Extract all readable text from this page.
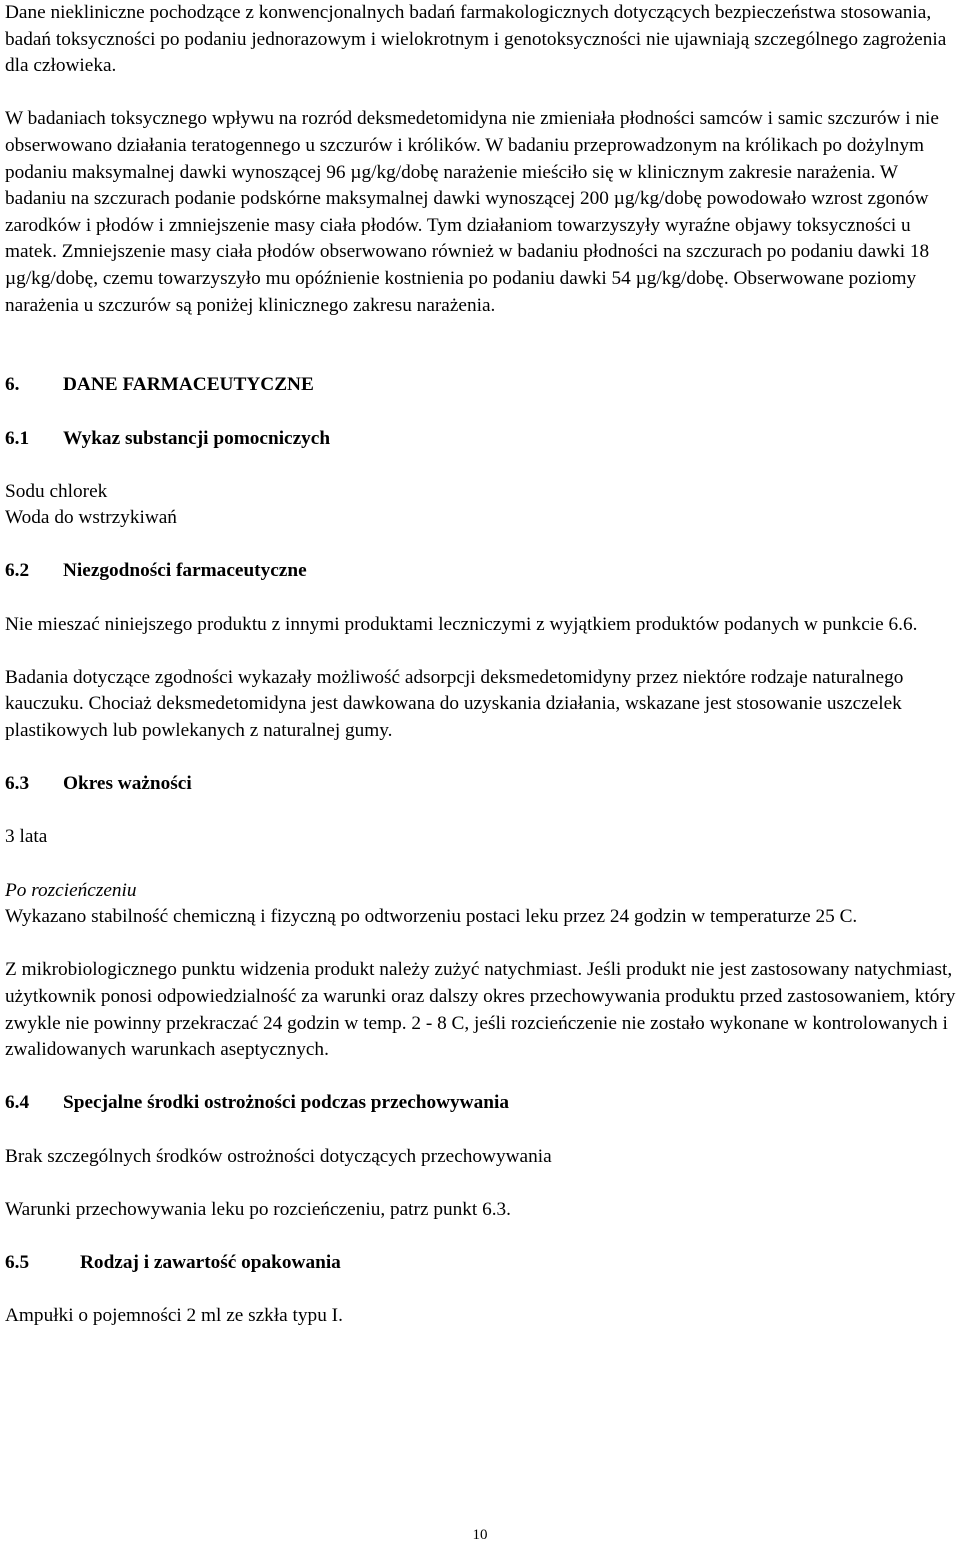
Dane niekliniczne pochodzące z konwencjonalnych badań farmakologicznych dotyczących bezpieczeństwa stosowania, badań toksyczności po podaniu jednorazowym i wielokrotnym i genotoksyczności nie ujawniają szczególnego zagrożenia dla człowieka.

W badaniach toksycznego wpływu na rozród deksmedetomidyna nie zmieniała płodności samców i samic szczurów i nie obserwowano działania teratogennego u szczurów i królików. W badaniu przeprowadzonym na królikach po dożylnym podaniu maksymalnej dawki wynoszącej 96 µg/kg/dobę narażenie mieściło się w klinicznym zakresie narażenia. W badaniu na szczurach podanie podskórne maksymalnej dawki wynoszącej 200 µg/kg/dobę powodowało wzrost zgonów zarodków i płodów i zmniejszenie masy ciała płodów. Tym działaniom towarzyszyły wyraźne objawy toksyczności u matek. Zmniejszenie masy ciała płodów obserwowano również w badaniu płodności na szczurach po podaniu dawki 18 µg/kg/dobę, czemu towarzyszyło mu opóźnienie kostnienia po podaniu dawki 54 µg/kg/dobę. Obserwowane poziomy narażenia u szczurów są poniżej klinicznego zakresu narażenia.

6. DANE FARMACEUTYCZNE

6.1 Wykaz substancji pomocniczych

Sodu chlorek

Woda do wstrzykiwań

6.2 Niezgodności farmaceutyczne

Nie mieszać niniejszego produktu z innymi produktami leczniczymi z wyjątkiem produktów podanych w punkcie 6.6.

Badania dotyczące zgodności wykazały możliwość adsorpcji deksmedetomidyny przez niektóre rodzaje naturalnego kauczuku. Chociaż deksmedetomidyna jest dawkowana do uzyskania działania, wskazane jest stosowanie uszczelek plastikowych lub powlekanych z naturalnej gumy.

6.3 Okres ważności

3 lata

Po rozcieńczeniu

Wykazano stabilność chemiczną i fizyczną po odtworzeniu postaci leku przez 24 godzin w temperaturze 25 C.

Z mikrobiologicznego punktu widzenia produkt należy zużyć natychmiast. Jeśli produkt nie jest zastosowany natychmiast, użytkownik ponosi odpowiedzialność za warunki oraz dalszy okres przechowywania produktu przed zastosowaniem, który zwykle nie powinny przekraczać 24 godzin w temp. 2 - 8 C, jeśli rozcieńczenie nie zostało wykonane w kontrolowanych i zwalidowanych warunkach aseptycznych.

6.4 Specjalne środki ostrożności podczas przechowywania

Brak szczególnych środków ostrożności dotyczących przechowywania

Warunki przechowywania leku po rozcieńczeniu, patrz punkt 6.3.

6.5	Rodzaj i zawartość opakowania

Ampułki o pojemności 2 ml ze szkła typu I.

10
